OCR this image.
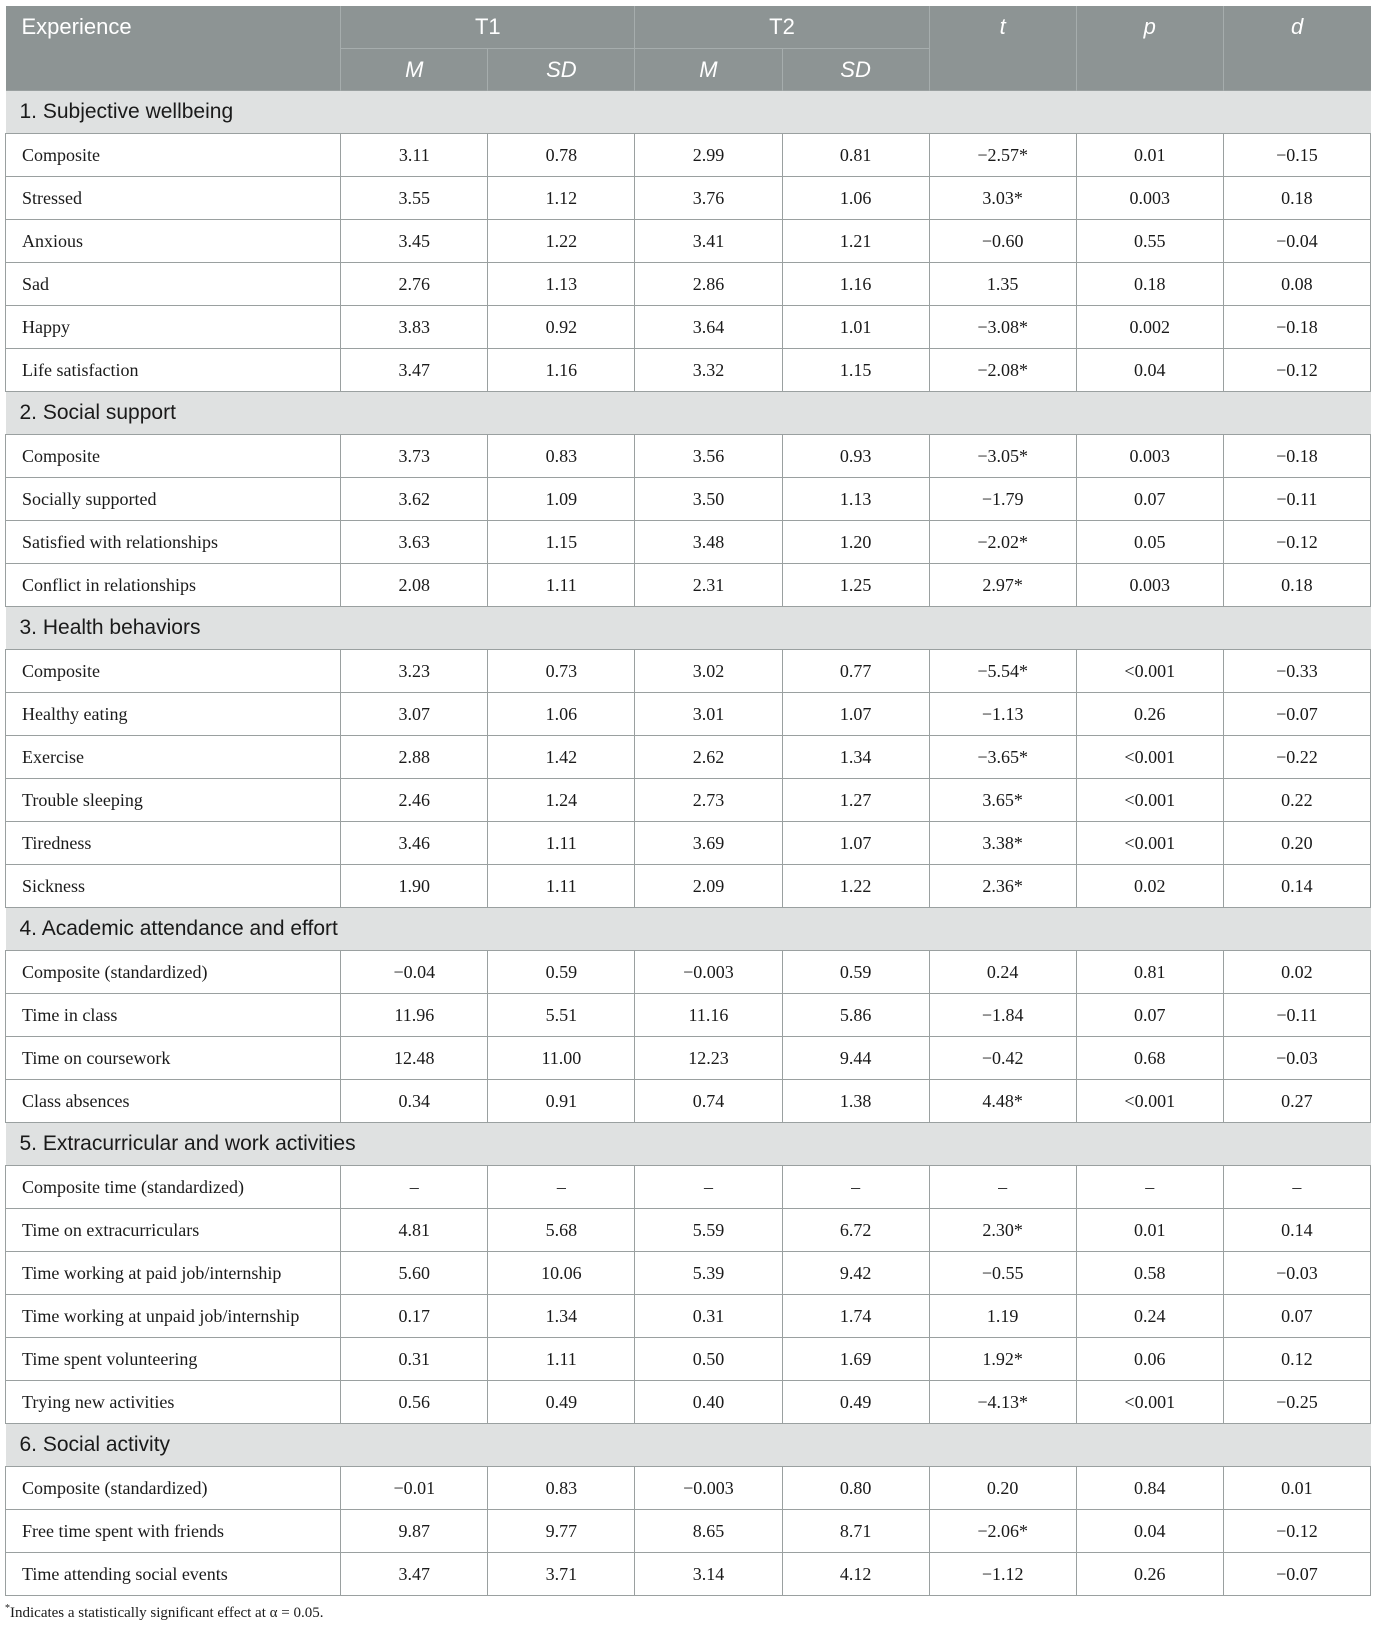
Experience	T1		T2		t	p	d
	M	SD	M	SD			
1. Subjective wellbeing							
Composite	3.11	0.78	2.99	0.81	−2.57*	0.01	−0.15
Stressed	3.55	1.12	3.76	1.06	3.03*	0.003	0.18
Anxious	3.45	1.22	3.41	1.21	−0.60	0.55	−0.04
Sad	2.76	1.13	2.86	1.16	1.35	0.18	0.08
Happy	3.83	0.92	3.64	1.01	−3.08*	0.002	−0.18
Life satisfaction	3.47	1.16	3.32	1.15	−2.08*	0.04	−0.12
2. Social support							
Composite	3.73	0.83	3.56	0.93	−3.05*	0.003	−0.18
Socially supported	3.62	1.09	3.50	1.13	−1.79	0.07	−0.11
Satisfied with relationships	3.63	1.15	3.48	1.20	−2.02*	0.05	−0.12
Conflict in relationships	2.08	1.11	2.31	1.25	2.97*	0.003	0.18
3. Health behaviors							
Composite	3.23	0.73	3.02	0.77	−5.54*	<0.001	−0.33
Healthy eating	3.07	1.06	3.01	1.07	−1.13	0.26	−0.07
Exercise	2.88	1.42	2.62	1.34	−3.65*	<0.001	−0.22
Trouble sleeping	2.46	1.24	2.73	1.27	3.65*	<0.001	0.22
Tiredness	3.46	1.11	3.69	1.07	3.38*	<0.001	0.20
Sickness	1.90	1.11	2.09	1.22	2.36*	0.02	0.14
4. Academic attendance and effort							
Composite (standardized)	−0.04	0.59	−0.003	0.59	0.24	0.81	0.02
Time in class	11.96	5.51	11.16	5.86	−1.84	0.07	−0.11
Time on coursework	12.48	11.00	12.23	9.44	−0.42	0.68	−0.03
Class absences	0.34	0.91	0.74	1.38	4.48*	<0.001	0.27
5. Extracurricular and work activities							
Composite time (standardized)	–	–	–	–	–	–	–
Time on extracurriculars	4.81	5.68	5.59	6.72	2.30*	0.01	0.14
Time working at paid job/internship	5.60	10.06	5.39	9.42	−0.55	0.58	−0.03
Time working at unpaid job/internship	0.17	1.34	0.31	1.74	1.19	0.24	0.07
Time spent volunteering	0.31	1.11	0.50	1.69	1.92*	0.06	0.12
Trying new activities	0.56	0.49	0.40	0.49	−4.13*	<0.001	−0.25
6. Social activity							
Composite (standardized)	−0.01	0.83	−0.003	0.80	0.20	0.84	0.01
Free time spent with friends	9.87	9.77	8.65	8.71	−2.06*	0.04	−0.12
Time attending social events	3.47	3.71	3.14	4.12	−1.12	0.26	−0.07
*Indicates a statistically significant effect at α = 0.05.
